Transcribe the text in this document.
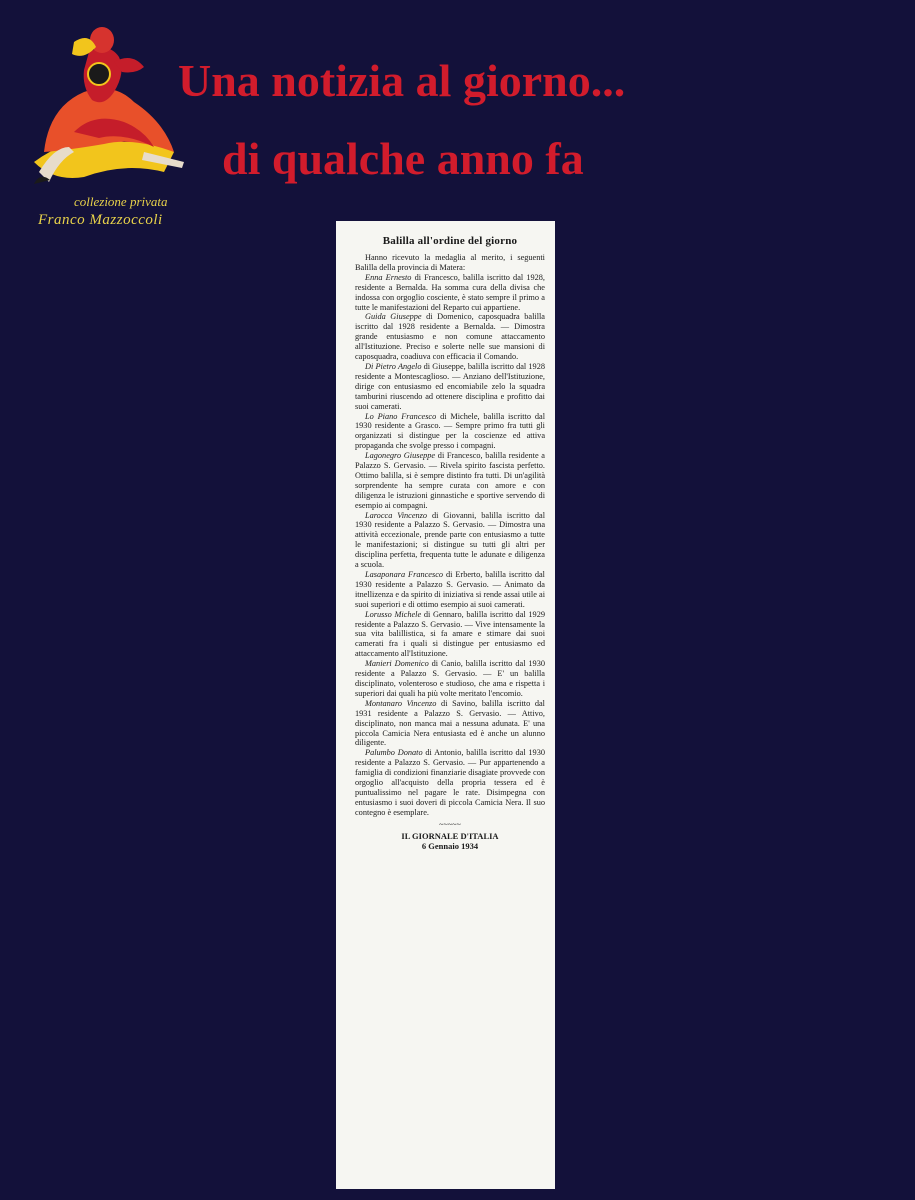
collezione privata
Franco Mazzoccoli
Una notizia al giorno...
di qualche anno fa
Balilla all'ordine del giorno

Hanno ricevuto la medaglia al merito, i seguenti Balilla della provincia di Matera:

Enna Ernesto di Francesco, balilla iscritto dal 1928, residente a Bernalda. Ha somma cura della divisa che indossa con orgoglio cosciente, è stato sempre il primo a tutte le manifestazioni del Reparto cui appartiene.

Guida Giuseppe di Domenico, caposquadra balilla iscritto dal 1928 residente a Bernalda. — Dimostra grande entusiasmo e non comune attaccamento all'Istituzione. Preciso e solerte nelle sue mansioni di caposquadra, coadiuva con efficacia il Comando.

Di Pietro Angelo di Giuseppe, balilla iscritto dal 1928 residente a Montescaglioso. — Anziano dell'Istituzione, dirige con entusiasmo ed encomiabile zelo la squadra tamburini riuscendo ad ottenere disciplina e profitto dai suoi camerati.

Lo Piano Francesco di Michele, balilla iscritto dal 1930 residente a Grasco. — Sempre primo fra tutti gli organizzati si distingue per la coscienze ed attiva propaganda che svolge presso i compagni.

Lagonegro Giuseppe di Francesco, balilla residente a Palazzo S. Gervasio. — Rivela spirito fascista perfetto. Ottimo balilla, si è sempre distinto fra tutti. Di un'agilità sorprendente ha sempre curata con amore e con diligenza le istruzioni ginnastiche e sportive servendo di esempio ai compagni.

Larocca Vincenzo di Giovanni, balilla iscritto dal 1930 residente a Palazzo S. Gervasio. — Dimostra una attività eccezionale, prende parte con entusiasmo a tutte le manifestazioni; si distingue su tutti gli altri per disciplina perfetta, frequenta tutte le adunate e diligenza a scuola.

Lasaponara Francesco di Erberto, balilla iscritto dal 1930 residente a Palazzo S. Gervasio. — Animato da itnellizenza e da spirito di iniziativa si rende assai utile ai suoi superiori e di ottimo esempio ai suoi camerati.

Lorusso Michele di Gennaro, balilla iscritto dal 1929 residente a Palazzo S. Gervasio. — Vive intensamente la sua vita balillistica, si fa amare e stimare dai suoi camerati fra i quali si distingue per entusiasmo ed attaccamento all'Istituzione.

Manieri Domenico di Canio, balilla iscritto dal 1930 residente a Palazzo S. Gervasio. — E' un balilla disciplinato, volenteroso e studioso, che ama e rispetta i superiori dai quali ha più volte meritato l'encomio.

Montanaro Vincenzo di Savino, balilla iscritto dal 1931 residente a Palazzo S. Gervasio. — Attivo, disciplinato, non manca mai a nessuna adunata. E' una piccola Camicia Nera entusiasta ed è anche un alunno diligente.

Palumbo Donato di Antonio, balilla iscritto dal 1930 residente a Palazzo S. Gervasio. — Pur appartenendo a famiglia di condizioni finanziarie disagiate provvede con orgoglio all'acquisto della propria tessera ed è puntualissimo nel pagare le rate. Disimpegna con entusiasmo i suoi doveri di piccola Camicia Nera. Il suo contegno è esemplare.

~~~~~
IL GIORNALE D'ITALIA
6 Gennaio 1934
